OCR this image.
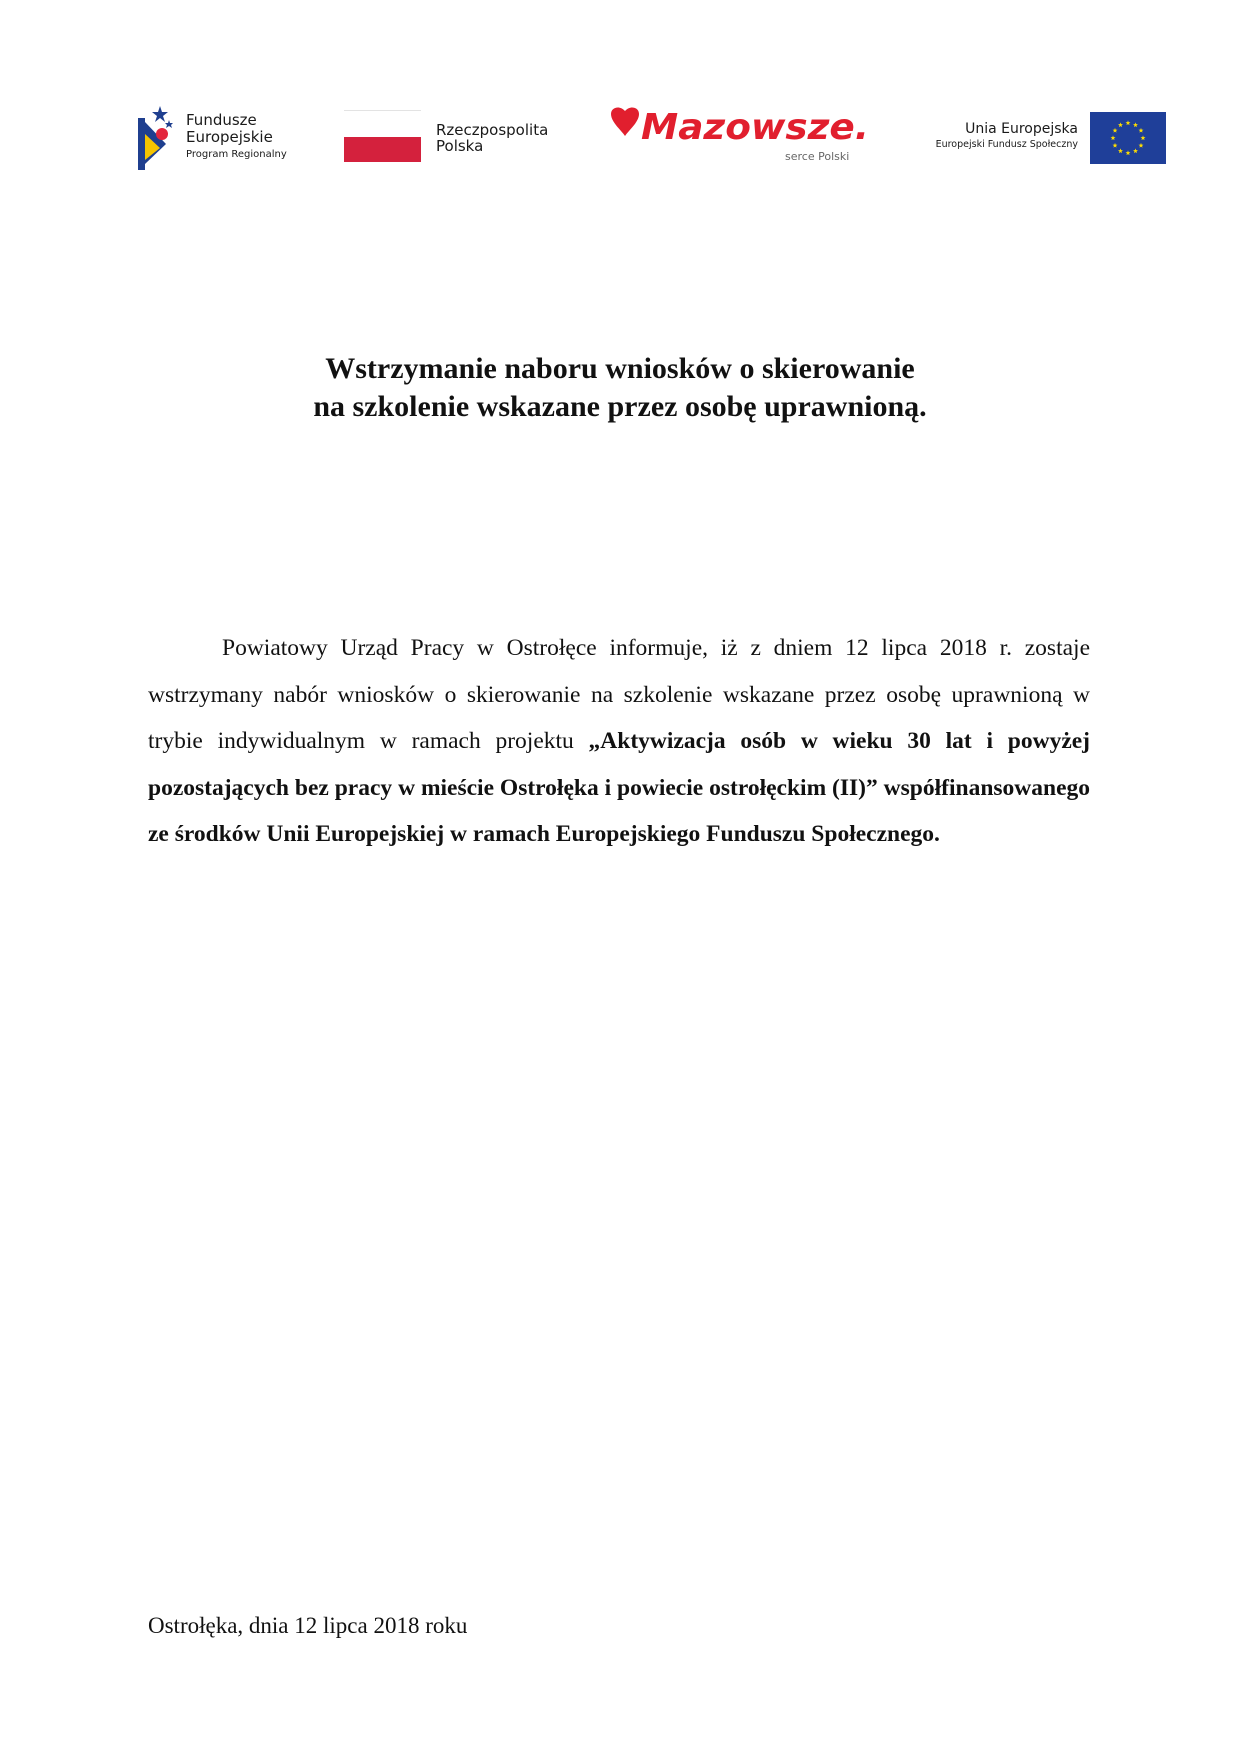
Fundusze
Europejskie
Program Regionalny
Rzeczpospolita
Polska	Mazowsze.
serce Polski
Unia Europejska
Europejski Fundusz Społeczny
Wstrzymanie naboru wniosków o skierowanie
na szkolenie wskazane przez osobę uprawnioną.

Powiatowy Urząd Pracy w Ostrołęce informuje, iż z dniem 12 lipca 2018 r. zostaje wstrzymany nabór wniosków o skierowanie na szkolenie wskazane przez osobę uprawnioną w trybie indywidualnym w ramach projektu „Aktywizacja osób w wieku 30 lat i powyżej pozostających bez pracy w mieście Ostrołęka i powiecie ostrołęckim (II)” współfinansowanego ze środków Unii Europejskiej w ramach Europejskiego Funduszu Społecznego.

Ostrołęka, dnia 12 lipca 2018 roku
